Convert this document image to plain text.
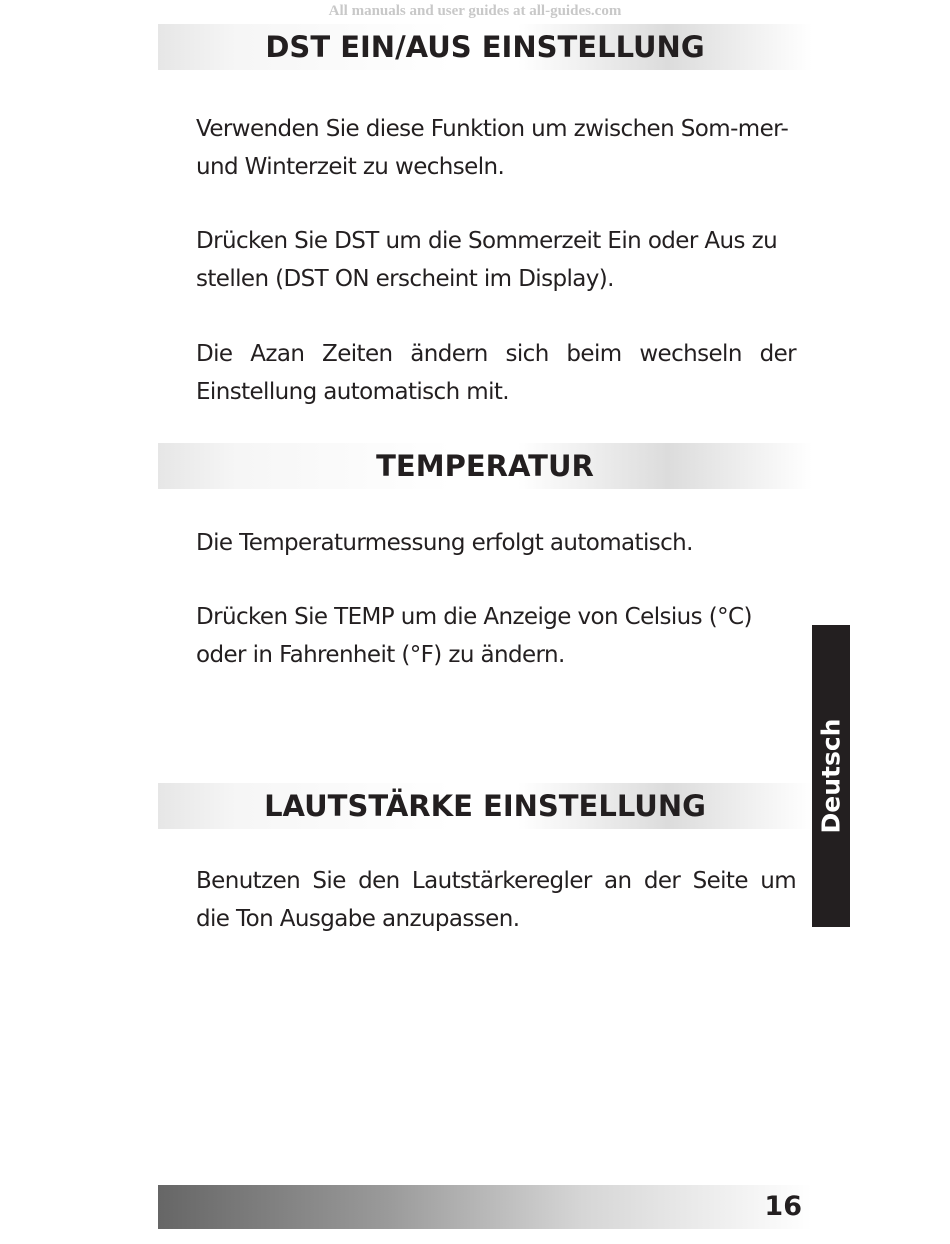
All manuals and user guides at all-guides.com
DST EIN/AUS EINSTELLUNG

Verwenden Sie diese Funktion um zwischen Som-mer- und Winterzeit zu wechseln.

Drücken Sie DST um die Sommerzeit Ein oder Aus zu stellen (DST ON erscheint im Display).

Die Azan Zeiten ändern sich beim wechseln der Einstellung automatisch mit.

TEMPERATUR

Die Temperaturmessung erfolgt automatisch.

Drücken Sie TEMP um die Anzeige von Celsius (°C) oder in Fahrenheit (°F) zu ändern.

LAUTSTÄRKE EINSTELLUNG

Benutzen Sie den Lautstärkeregler an der Seite um die Ton Ausgabe anzupassen.

Deutsch
16
